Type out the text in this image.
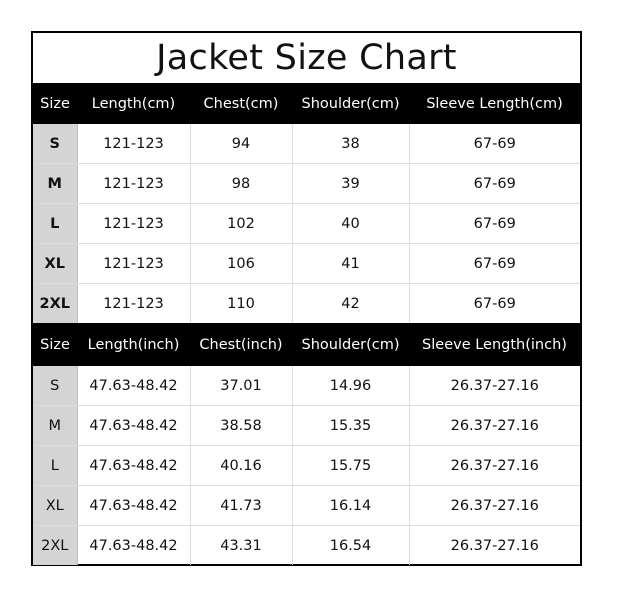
Jacket Size Chart
Size	Length(cm)	Chest(cm)	Shoulder(cm)	Sleeve Length(cm)
S	121-123	94	38	67-69
M	121-123	98	39	67-69
L	121-123	102	40	67-69
XL	121-123	106	41	67-69
2XL	121-123	110	42	67-69
Size	Length(inch)	Chest(inch)	Shoulder(cm)	Sleeve Length(inch)
S	47.63-48.42	37.01	14.96	26.37-27.16
M	47.63-48.42	38.58	15.35	26.37-27.16
L	47.63-48.42	40.16	15.75	26.37-27.16
XL	47.63-48.42	41.73	16.14	26.37-27.16
2XL	47.63-48.42	43.31	16.54	26.37-27.16
